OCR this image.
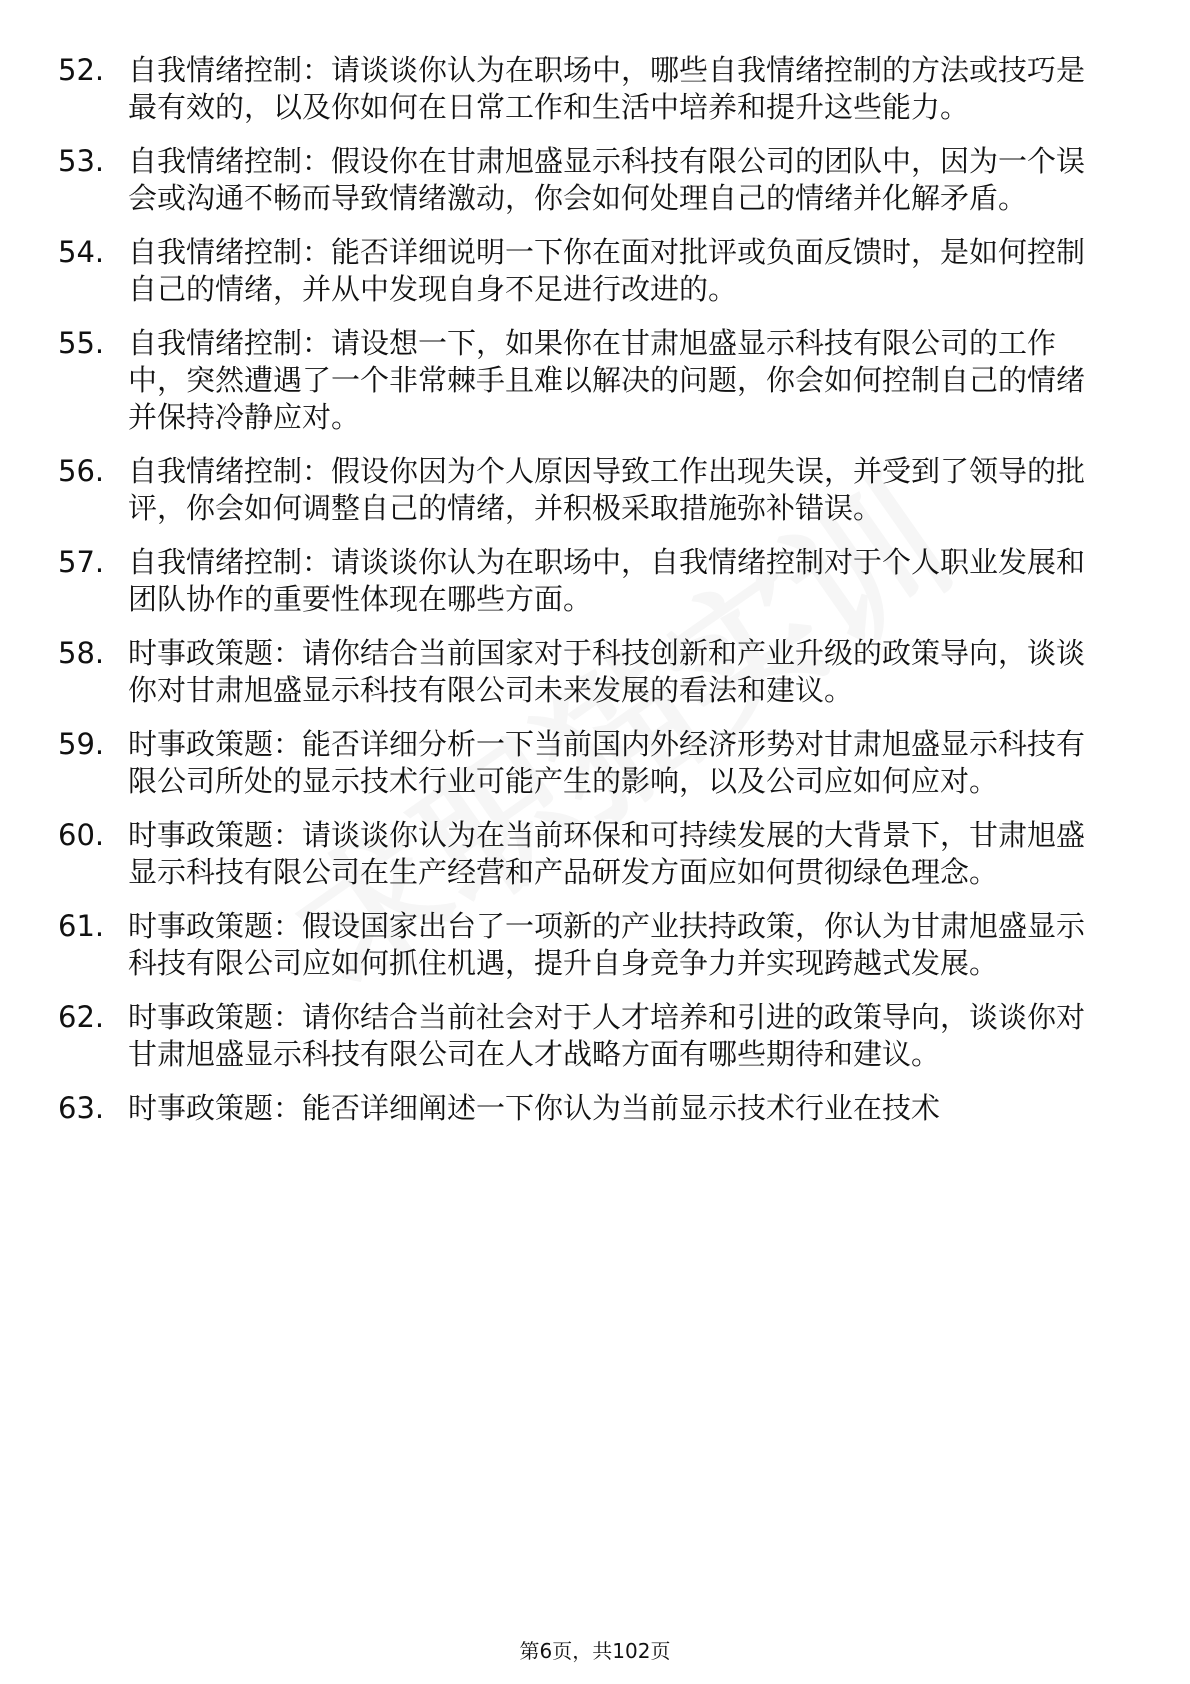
52. 自我情绪控制：请谈谈你认为在职场中，哪些自我情绪控制的方法或技巧是最有效的，以及你如何在日常工作和生活中培养和提升这些能力。
53. 自我情绪控制：假设你在甘肃旭盛显示科技有限公司的团队中，因为一个误会或沟通不畅而导致情绪激动，你会如何处理自己的情绪并化解矛盾。
54. 自我情绪控制：能否详细说明一下你在面对批评或负面反馈时，是如何控制自己的情绪，并从中发现自身不足进行改进的。
55. 自我情绪控制：请设想一下，如果你在甘肃旭盛显示科技有限公司的工作中，突然遭遇了一个非常棘手且难以解决的问题，你会如何控制自己的情绪并保持冷静应对。
56. 自我情绪控制：假设你因为个人原因导致工作出现失误，并受到了领导的批评，你会如何调整自己的情绪，并积极采取措施弥补错误。
57. 自我情绪控制：请谈谈你认为在职场中，自我情绪控制对于个人职业发展和团队协作的重要性体现在哪些方面。
58. 时事政策题：请你结合当前国家对于科技创新和产业升级的政策导向，谈谈你对甘肃旭盛显示科技有限公司未来发展的看法和建议。
59. 时事政策题：能否详细分析一下当前国内外经济形势对甘肃旭盛显示科技有限公司所处的显示技术行业可能产生的影响，以及公司应如何应对。
60. 时事政策题：请谈谈你认为在当前环保和可持续发展的大背景下，甘肃旭盛显示科技有限公司在生产经营和产品研发方面应如何贯彻绿色理念。
61. 时事政策题：假设国家出台了一项新的产业扶持政策，你认为甘肃旭盛显示科技有限公司应如何抓住机遇，提升自身竞争力并实现跨越式发展。
62. 时事政策题：请你结合当前社会对于人才培养和引进的政策导向，谈谈你对甘肃旭盛显示科技有限公司在人才战略方面有哪些期待和建议。
63. 时事政策题：能否详细阐述一下你认为当前显示技术行业在技术
第6页，共102页
